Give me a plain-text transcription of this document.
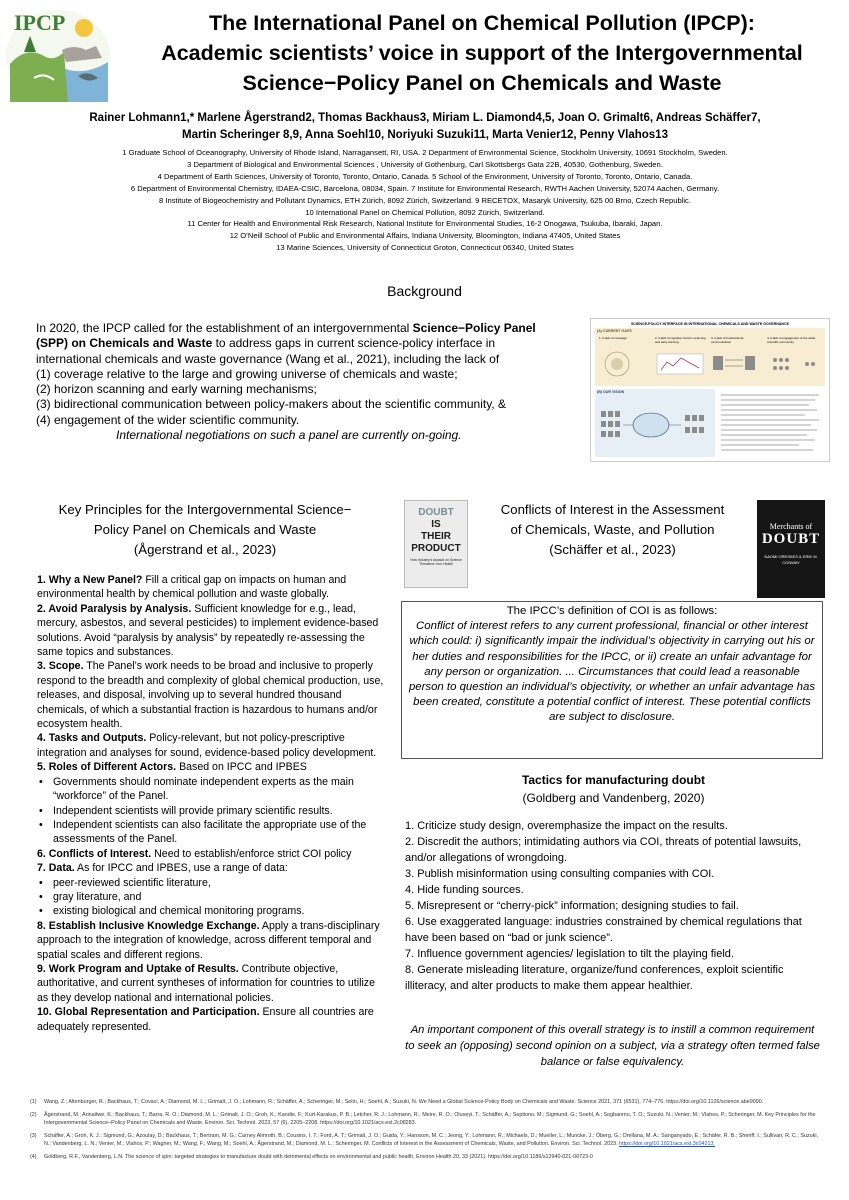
IPCP	The International Panel on Chemical Pollution (IPCP):
Academic scientists’ voice in support of the Intergovernmental
Science−Policy Panel on Chemicals and Waste
Rainer Lohmann1,* Marlene Ågerstrand2, Thomas Backhaus3, Miriam L. Diamond4,5, Joan O. Grimalt6, Andreas Schäffer7,
Martin Scheringer 8,9, Anna Soehl10, Noriyuki Suzuki11, Marta Venier12, Penny Vlahos13
1 Graduate School of Oceanography, University of Rhode Island, Narragansett, RI, USA. 2 Department of Environmental Science, Stockholm University, 10691 Stockholm, Sweden.
3 Department of Biological and Environmental Sciences , University of Gothenburg, Carl Skottsbergs Gata 22B, 40530, Gothenburg, Sweden.
4 Department of Earth Sciences, University of Toronto, Toronto, Ontario, Canada. 5 School of the Environment, University of Toronto, Toronto, Ontario, Canada.
6 Department of Environmental Chemistry, IDAEA-CSIC, Barcelona, 08034, Spain. 7 Institute for Environmental Research, RWTH Aachen University, 52074 Aachen, Germany.
8 Institute of Biogeochemistry and Pollutant Dynamics, ETH Zürich, 8092 Zürich, Switzerland. 9 RECETOX, Masaryk University, 625 00 Brno, Czech Republic.
10 International Panel on Chemical Pollution, 8092 Zürich, Switzerland.
11 Center for Health and Environmental Risk Research, National Institute for Environmental Studies, 16-2 Onogawa, Tsukuba, Ibaraki, Japan.
12 O’Neill School of Public and Environmental Affairs, Indiana University, Bloomington, Indiana 47405, United States
13 Marine Sciences, University of Connecticut Groton, Connecticut 06340, United States
Background
In 2020, the IPCP called for the establishment of an intergovernmental Science−Policy Panel
(SPP) on Chemicals and Waste to address gaps in current science-policy interface in
international chemicals and waste governance (Wang et al., 2021), including the lack of
(1) coverage relative to the large and growing universe of chemicals and waste;
(2) horizon scanning and early warning mechanisms;
(3) bidirectional communication between policy-makers about the scientific community, &
(4) engagement of the wider scientific community.
International negotiations on such a panel are currently on-going.
SCIENCE-POLICY INTERFACE IN INTERNATIONAL CHEMICALS AND WASTE GOVERNANCE
(A) CURRENT GAPS
1. A lack of coverage	2. A lack of cognitive horizon scanning and early warning
3. A lack of bi-directional communication
4. A lack of engagement of the wider scientific community
(B) OUR VISION
Key Principles for the Intergovernmental Science−
Policy Panel on Chemicals and Waste
(Ågerstrand et al., 2023)
DOUBT
IS
THEIR
PRODUCT
How Industry's Assault on Science Threatens Your Health

1. Why a New Panel? Fill a critical gap on impacts on human and environmental health by chemical pollution and waste globally.

2. Avoid Paralysis by Analysis. Sufficient knowledge for e.g., lead, mercury, asbestos, and several pesticides) to implement evidence-based solutions. Avoid “paralysis by analysis” by repeatedly re-assessing the same topics and substances.

3. Scope. The Panel’s work needs to be broad and inclusive to properly respond to the breadth and complexity of global chemical production, use, releases, and disposal, involving up to several hundred thousand chemicals, of which a substantial fraction is hazardous to humans and/or ecosystem health.

4. Tasks and Outputs. Policy-relevant, but not policy-prescriptive integration and analyses for sound, evidence-based policy development.

5. Roles of Different Actors. Based on IPCC and IPBES

• Governments should nominate independent experts as the main “workforce” of the Panel.
• Independent scientists will provide primary scientific results.
• Independent scientists can also facilitate the appropriate use of the assessments of the Panel.

6. Conflicts of Interest. Need to establish/enforce strict COI policy

7. Data. As for IPCC and IPBES, use a range of data:

• peer-reviewed scientific literature,
• gray literature, and
• existing biological and chemical monitoring programs.

8. Establish Inclusive Knowledge Exchange. Apply a trans-disciplinary approach to the integration of knowledge, across different temporal and spatial scales and different regions.

9. Work Program and Uptake of Results. Contribute objective, authoritative, and current syntheses of information for countries to utilize as they develop national and international policies.

10. Global Representation and Participation. Ensure all countries are adequately represented.

Conflicts of Interest in the Assessment
of Chemicals, Waste, and Pollution
(Schäffer et al., 2023)
Merchants of
DOUBT
NAOMI ORESKES & ERIK M. CONWAY
The IPCC’s definition of COI is as follows:
Conflict of interest refers to any current professional, financial or other interest which could: i) significantly impair the individual’s objectivity in carrying out his or her duties and responsibilities for the IPCC, or ii) create an unfair advantage for any person or organization. ... Circumstances that could lead a reasonable person to question an individual’s objectivity, or whether an unfair advantage has been created, constitute a potential conflict of interest. These potential conflicts are subject to disclosure.
Tactics for manufacturing doubt
(Goldberg and Vandenberg, 2020)
1. Criticize study design, overemphasize the impact on the results.
2. Discredit the authors; intimidating authors via COI, threats of potential lawsuits, and/or allegations of wrongdoing.
3. Publish misinformation using consulting companies with COI.
4. Hide funding sources.
5. Misrepresent or “cherry-pick” information; designing studies to fail.
6. Use exaggerated language: industries constrained by chemical regulations that have been based on “bad or junk science”.
7. Influence government agencies/ legislation to tilt the playing field.
8. Generate misleading literature, organize/fund conferences, exploit scientific illiteracy, and alter products to make them appear healthier.
An important component of this overall strategy is to instill a common requirement to seek an (opposing) second opinion on a subject, via a strategy often termed false balance or false equivalency.
(1)	Wang, Z.; Altenburger, R.; Backhaus, T.; Covaci, A.; Diamond, M. L.; Grimalt, J. O.; Lohmann, R.; Schäffer, A.; Scheringer, M.; Selin, H.; Soehl, A.; Suzuki, N. We Need a Global Science-Policy Body on Chemicals and Waste. Science 2021, 371 (6531), 774–776. https://doi.org/10.1126/science.abe9090.
(2)	Ågerstrand, M.; Arinaitwe, K.; Backhaus, T.; Barra, R. O.; Diamond, M. L.; Grimalt, J. O.; Groh, K.; Kandie, F.; Kurt-Karakus, P. B.; Letcher, R. J.; Lohmann, R.; Meire, R. O.; Oluseyi, T.; Schäffer, A.; Septiono, M.; Sigmund, G.; Soehl, A.; Sogbanmu, T. O.; Suzuki, N.; Venier, M.; Vlahos, P.; Scheringer, M. Key Principles for the Intergovernmental Science–Policy Panel on Chemicals and Waste. Environ. Sci. Technol. 2023, 57 (6), 2205–2208. https://doi.org/10.1021/acs.est.2c08283.
(3)	Schäffer, A.; Groh, K. J.; Sigmund, G.; Azoulay, D.; Backhaus, T.; Bertram, M. G.; Carney Almroth, B.; Cousins, I. T.; Ford, A. T.; Grimalt, J. O.; Guida, Y.; Hansson, M. C.; Jeong, Y.; Lohmann, R.; Michaels, D.; Mueller, L.; Muncke, J.; Öberg, G.; Orellana, M. A.; Sanganyado, E.; Schäfer, R. B.; Sheriff, I.; Sullivan, R. C.; Suzuki, N.; Vandenberg, L. N.; Venier, M.; Vlahos, P.; Wagner, M.; Wang, F.; Wang, M.; Soehl, A.; Ågerstrand, M.; Diamond, M. L.; Scheringer, M. Conflicts of Interest in the Assessment of Chemicals, Waste, and Pollution. Environ. Sci. Technol. 2023. https://doi.org/10.1021/acs.est.3c04213.
(4)	Goldberg, R.F., Vandenberg, L.N. The science of spin: targeted strategies to manufacture doubt with detrimental effects on environmental and public health. Environ Health 20, 33 (2021). https://doi.org/10.1186/s12940-021-00723-0
